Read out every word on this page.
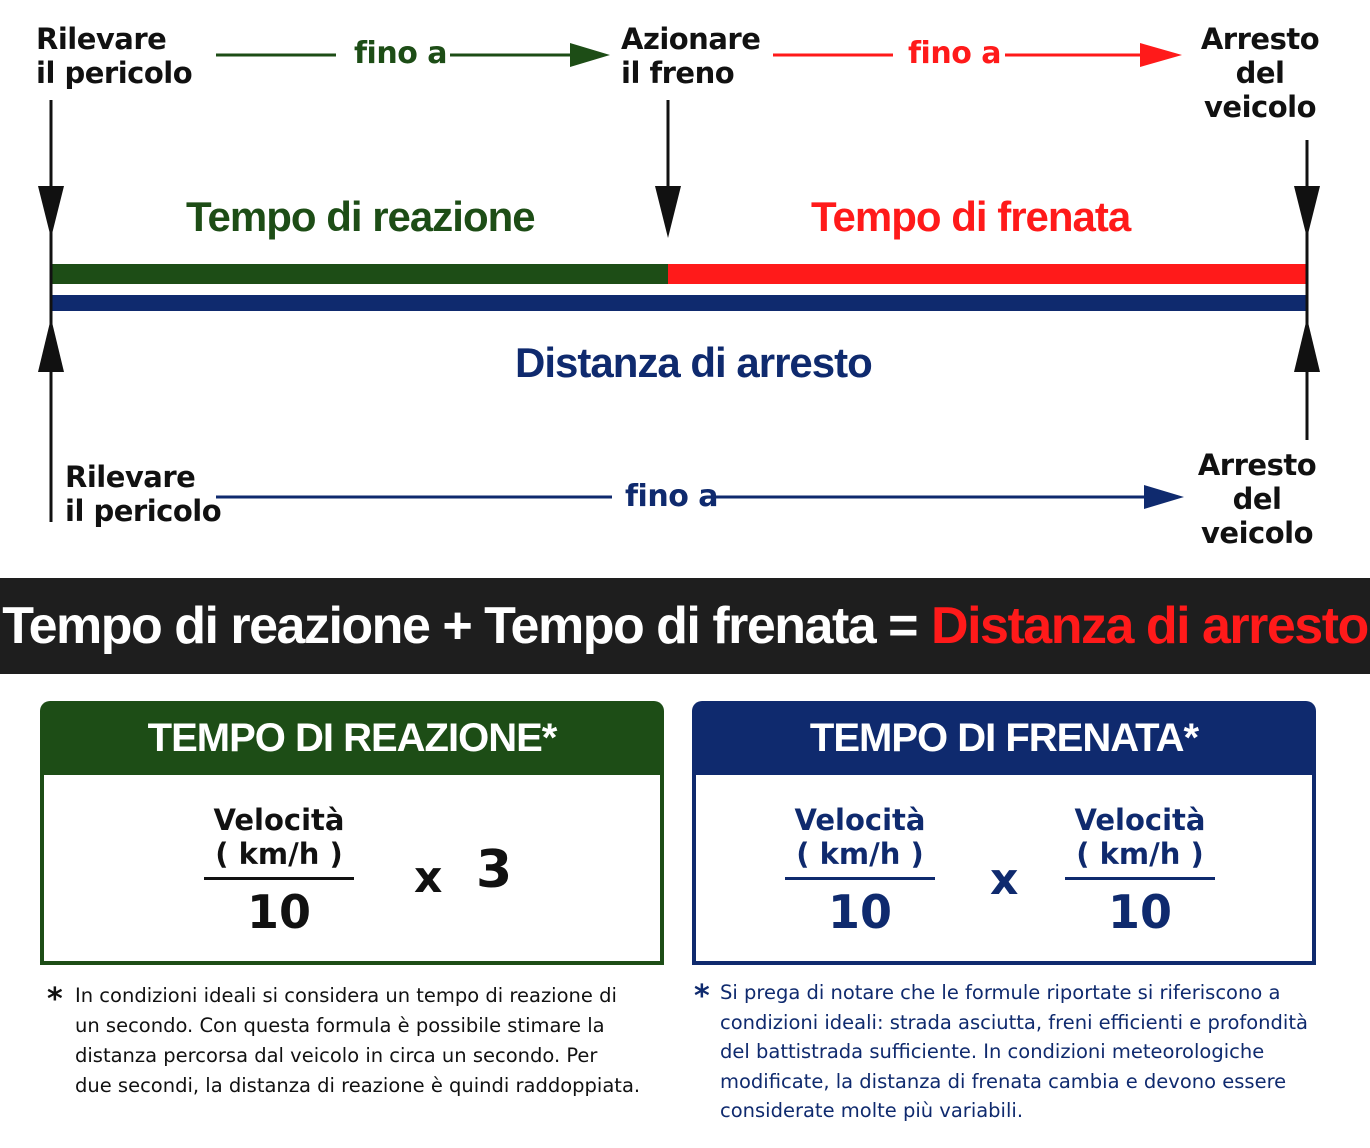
Rilevare
il pericolo
fino a	Azionare
il freno
fino a	Arresto
del
veicolo
Tempo di reazione	Tempo di frenata
Distanza di arresto
Rilevare
il pericolo	fino a
Arresto
del
veicolo
Tempo di reazione + Tempo di frenata = Distanza di arresto
TEMPO DI REAZIONE*
Velocità
( km/h )
10
x 3
TEMPO DI FRENATA*
Velocità
( km/h )
10
x
Velocità
( km/h )
10
* In condizioni ideali si considera un tempo di reazione di
un secondo. Con questa formula è possibile stimare la
distanza percorsa dal veicolo in circa un secondo. Per
due secondi, la distanza di reazione è quindi raddoppiata.
* Si prega di notare che le formule riportate si riferiscono a
condizioni ideali: strada asciutta, freni efficienti e profondità
del battistrada sufficiente. In condizioni meteorologiche
modificate, la distanza di frenata cambia e devono essere
considerate molte più variabili.
